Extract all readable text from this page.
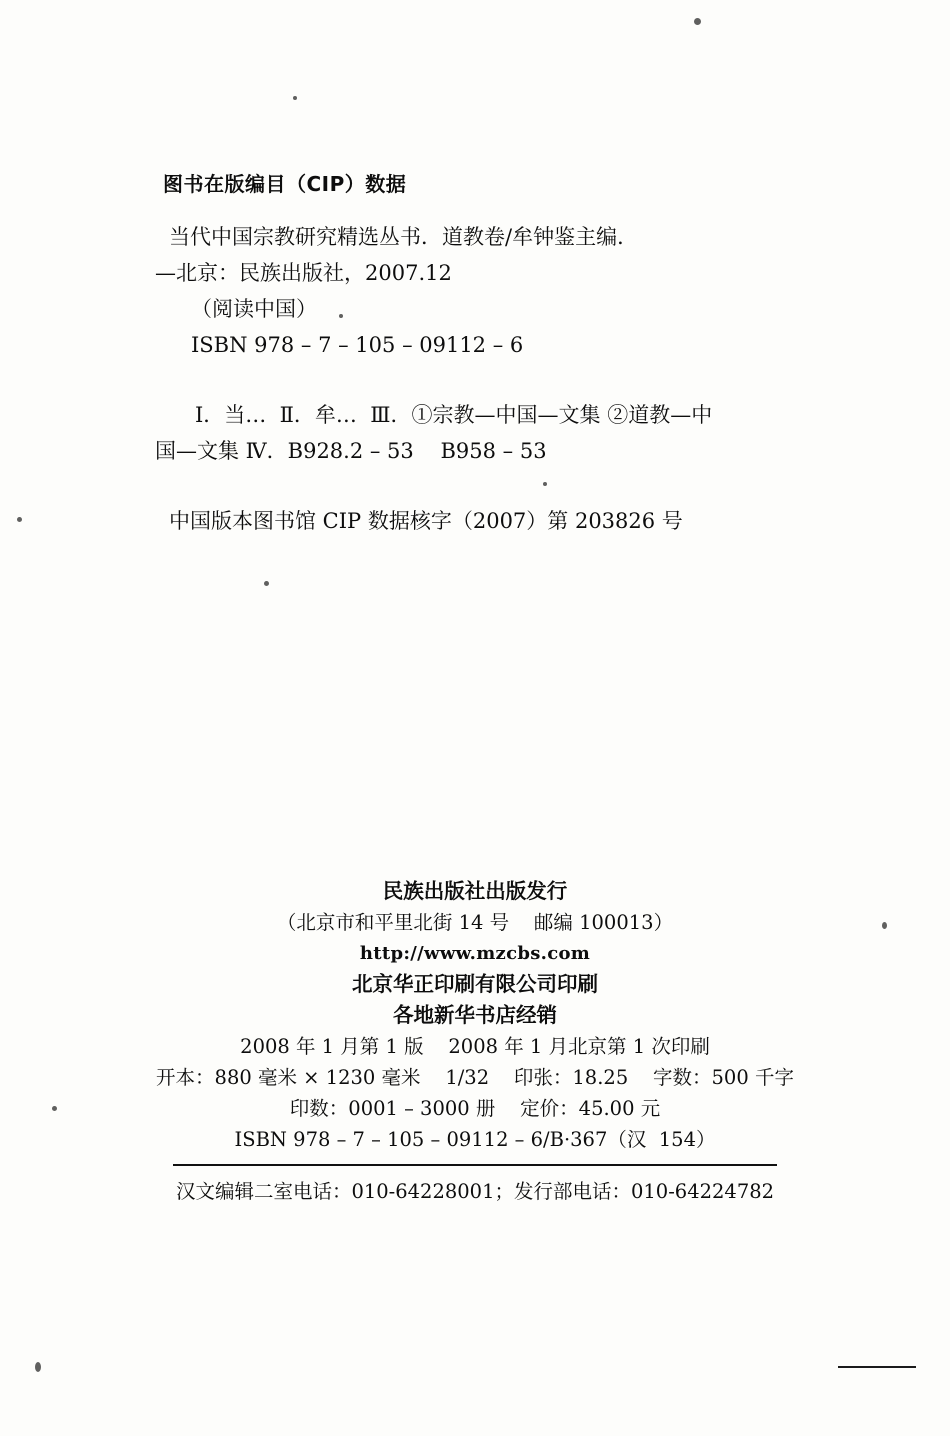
图书在版编目（CIP）数据

当代中国宗教研究精选丛书．道教卷/牟钟鉴主编．

—北京：民族出版社，2007.12

（阅读中国）

ISBN 978 – 7 – 105 – 09112 – 6

Ⅰ．当…  Ⅱ．牟…  Ⅲ．①宗教—中国—文集 ②道教—中

国—文集 Ⅳ．B928.2 – 53    B958 – 53

中国版本图书馆 CIP 数据核字（2007）第 203826 号

民族出版社出版发行

（北京市和平里北街 14 号    邮编 100013）

http://www.mzcbs.com

北京华正印刷有限公司印刷

各地新华书店经销

2008 年 1 月第 1 版    2008 年 1 月北京第 1 次印刷

开本：880 毫米 × 1230 毫米    1/32    印张：18.25    字数：500 千字

印数：0001 – 3000 册    定价：45.00 元

ISBN 978 – 7 – 105 – 09112 – 6/B·367（汉  154）

汉文编辑二室电话：010-64228001；发行部电话：010-64224782
